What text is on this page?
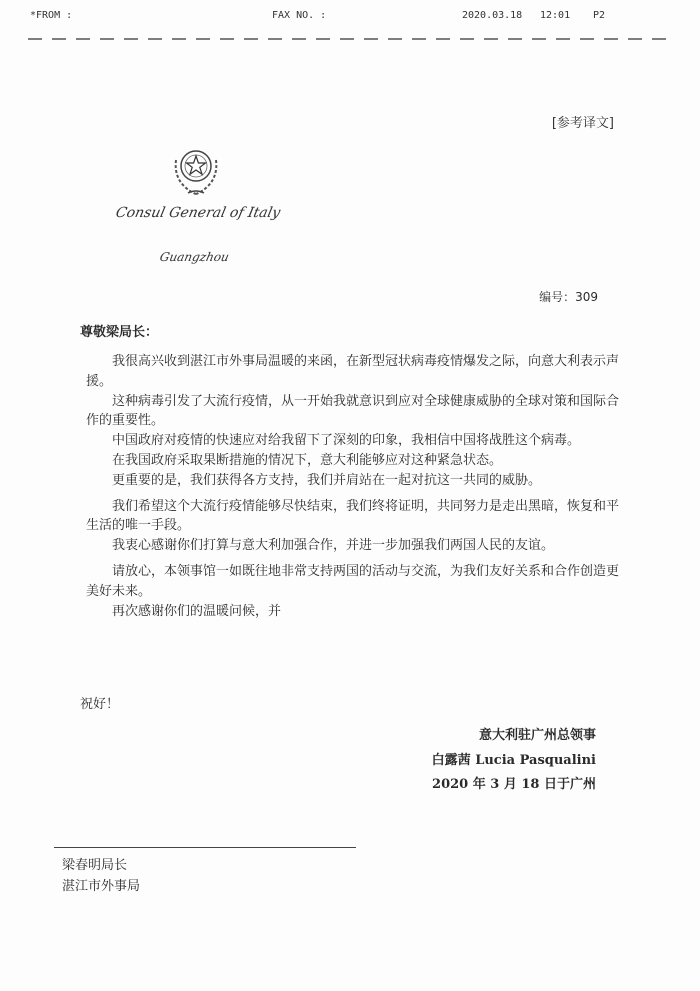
*FROM :	FAX NO. :	2020.03.18 12:01 P2
[参考译文]
Consul General of Italy
Guangzhou
编号：309
尊敬梁局长：

我很高兴收到湛江市外事局温暖的来函，在新型冠状病毒疫情爆发之际，向意大利表示声援。

这种病毒引发了大流行疫情，从一开始我就意识到应对全球健康威胁的全球对策和国际合作的重要性。

中国政府对疫情的快速应对给我留下了深刻的印象，我相信中国将战胜这个病毒。

在我国政府采取果断措施的情况下，意大利能够应对这种紧急状态。

更重要的是，我们获得各方支持，我们并肩站在一起对抗这一共同的威胁。

我们希望这个大流行疫情能够尽快结束，我们终将证明，共同努力是走出黑暗，恢复和平生活的唯一手段。

我衷心感谢你们打算与意大利加强合作，并进一步加强我们两国人民的友谊。

请放心，本领事馆一如既往地非常支持两国的活动与交流，为我们友好关系和合作创造更美好未来。

再次感谢你们的温暖问候，并

祝好！
意大利驻广州总领事
白露茜 Lucia Pasqualini
2020 年 3 月 18 日于广州
梁春明局长
湛江市外事局
